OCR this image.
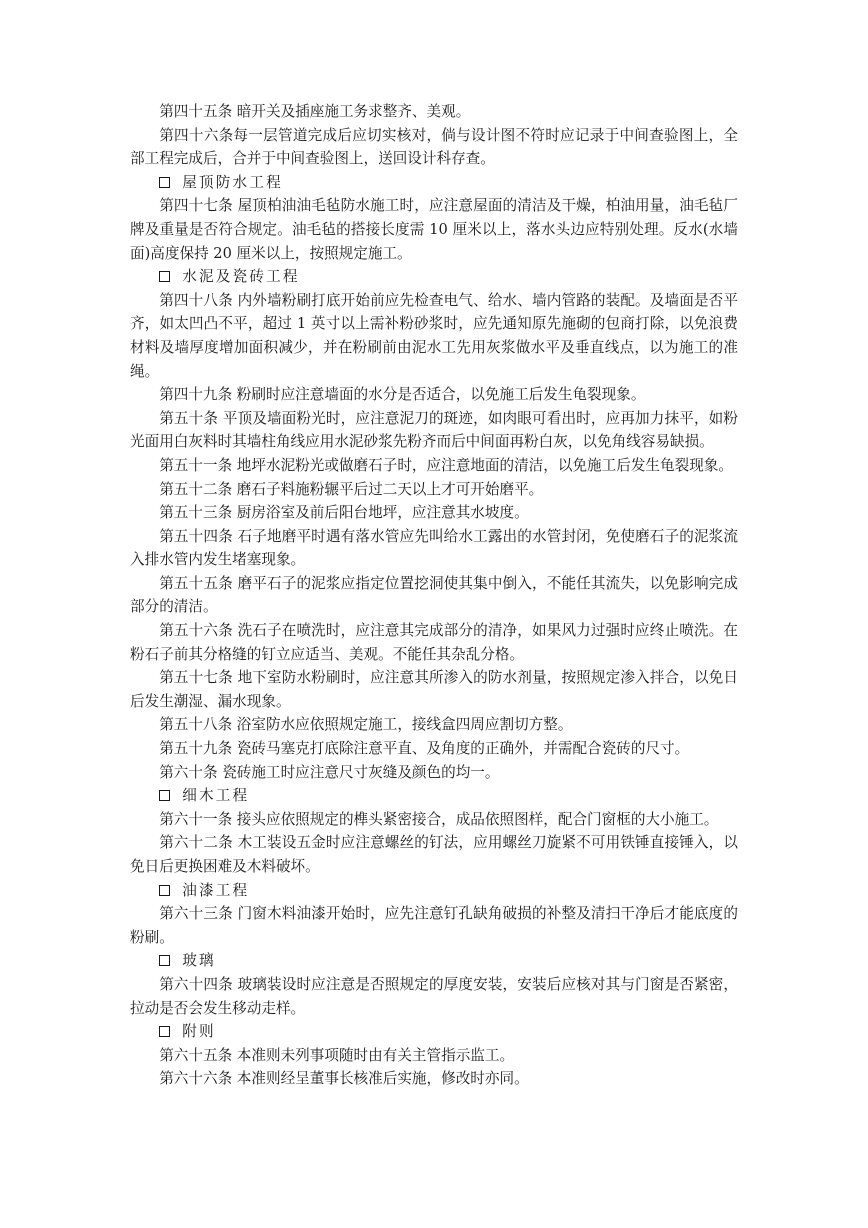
第四十五条 暗开关及插座施工务求整齐、美观。

第四十六条每一层管道完成后应切实核对，倘与设计图不符时应记录于中间查验图上，全部工程完成后，合并于中间查验图上，送回设计科存查。

屋顶防水工程

第四十七条 屋顶柏油油毛毡防水施工时，应注意屋面的清洁及干燥，柏油用量，油毛毡厂牌及重量是否符合规定。油毛毡的搭接长度需 10 厘米以上，落水头边应特别处理。反水(水墙面)高度保持 20 厘米以上，按照规定施工。

水泥及瓷砖工程

第四十八条 内外墙粉刷打底开始前应先检查电气、给水、墙内管路的装配。及墙面是否平齐，如太凹凸不平，超过 1 英寸以上需补粉砂浆时，应先通知原先施砌的包商打除，以免浪费材料及墙厚度增加面积减少，并在粉刷前由泥水工先用灰浆做水平及垂直线点，以为施工的准绳。

第四十九条 粉刷时应注意墙面的水分是否适合，以免施工后发生龟裂现象。

第五十条 平顶及墙面粉光时，应注意泥刀的斑迹，如肉眼可看出时，应再加力抹平，如粉光面用白灰料时其墙柱角线应用水泥砂浆先粉齐而后中间面再粉白灰，以免角线容易缺损。

第五十一条 地坪水泥粉光或做磨石子时，应注意地面的清洁，以免施工后发生龟裂现象。

第五十二条 磨石子料施粉辗平后过二天以上才可开始磨平。

第五十三条 厨房浴室及前后阳台地坪，应注意其水坡度。

第五十四条 石子地磨平时遇有落水管应先叫给水工露出的水管封闭，免使磨石子的泥浆流入排水管内发生堵塞现象。

第五十五条 磨平石子的泥浆应指定位置挖洞使其集中倒入，不能任其流失，以免影响完成部分的清洁。

第五十六条 洗石子在喷洗时，应注意其完成部分的清净，如果风力过强时应终止喷洗。在粉石子前其分格缝的钉立应适当、美观。不能任其杂乱分格。

第五十七条 地下室防水粉刷时，应注意其所渗入的防水剂量，按照规定渗入拌合，以免日后发生潮湿、漏水现象。

第五十八条 浴室防水应依照规定施工，接线盒四周应割切方整。

第五十九条 瓷砖马塞克打底除注意平直、及角度的正确外，并需配合瓷砖的尺寸。

第六十条 瓷砖施工时应注意尺寸灰缝及颜色的均一。

细木工程

第六十一条 接头应依照规定的榫头紧密接合，成品依照图样，配合门窗框的大小施工。

第六十二条 木工装设五金时应注意螺丝的钉法，应用螺丝刀旋紧不可用铁锤直接锤入，以免日后更换困难及木料破坏。

油漆工程

第六十三条 门窗木料油漆开始时，应先注意钉孔缺角破损的补整及清扫干净后才能底度的粉刷。

玻璃

第六十四条 玻璃装设时应注意是否照规定的厚度安装，安装后应核对其与门窗是否紧密，拉动是否会发生移动走样。

附则

第六十五条 本准则未列事项随时由有关主管指示监工。

第六十六条 本准则经呈董事长核准后实施，修改时亦同。
